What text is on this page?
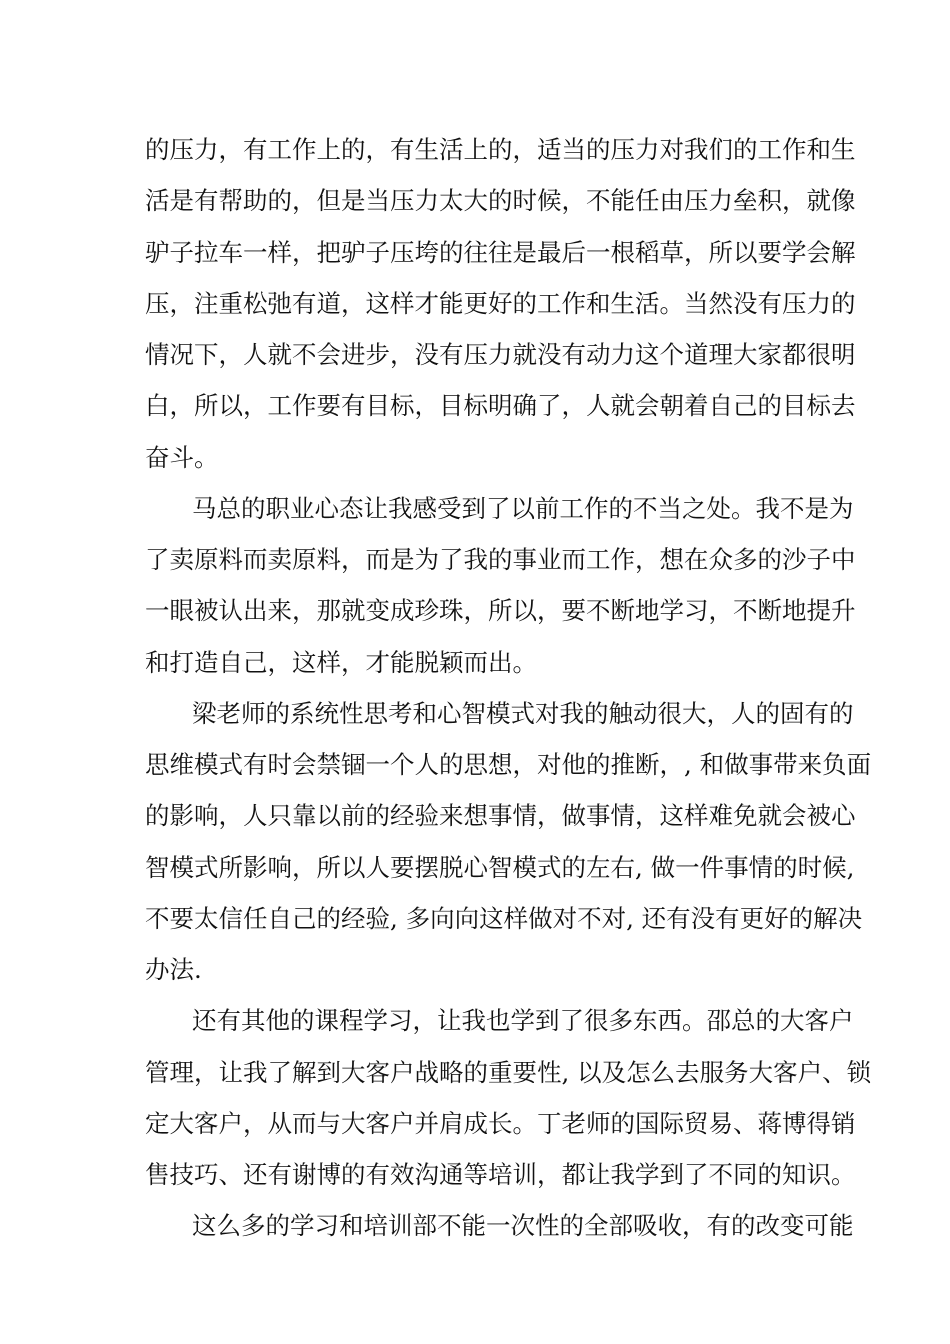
的压力，有工作上的，有生活上的，适当的压力对我们的工作和生
活是有帮助的，但是当压力太大的时候，不能任由压力垒积，就像
驴子拉车一样，把驴子压垮的往往是最后一根稻草，所以要学会解
压，注重松弛有道，这样才能更好的工作和生活。当然没有压力的
情况下，人就不会进步，没有压力就没有动力这个道理大家都很明
白，所以，工作要有目标，目标明确了，人就会朝着自己的目标去
奋斗。
马总的职业心态让我感受到了以前工作的不当之处。我不是为
了卖原料而卖原料，而是为了我的事业而工作，想在众多的沙子中
一眼被认出来，那就变成珍珠，所以，要不断地学习，不断地提升
和打造自己，这样，才能脱颖而出。
梁老师的系统性思考和心智模式对我的触动很大，人的固有的
思维模式有时会禁锢一个人的思想，对他的推断，, 和做事带来负面
的影响，人只靠以前的经验来想事情，做事情，这样难免就会被心
智模式所影响，所以人要摆脱心智模式的左右, 做一件事情的时候,
不要太信任自己的经验, 多向向这样做对不对, 还有没有更好的解决
办法.
还有其他的课程学习，让我也学到了很多东西。邵总的大客户
管理，让我了解到大客户战略的重要性, 以及怎么去服务大客户、锁
定大客户，从而与大客户并肩成长。丁老师的国际贸易、蒋博得销
售技巧、还有谢博的有效沟通等培训，都让我学到了不同的知识。
这么多的学习和培训部不能一次性的全部吸收，有的改变可能
